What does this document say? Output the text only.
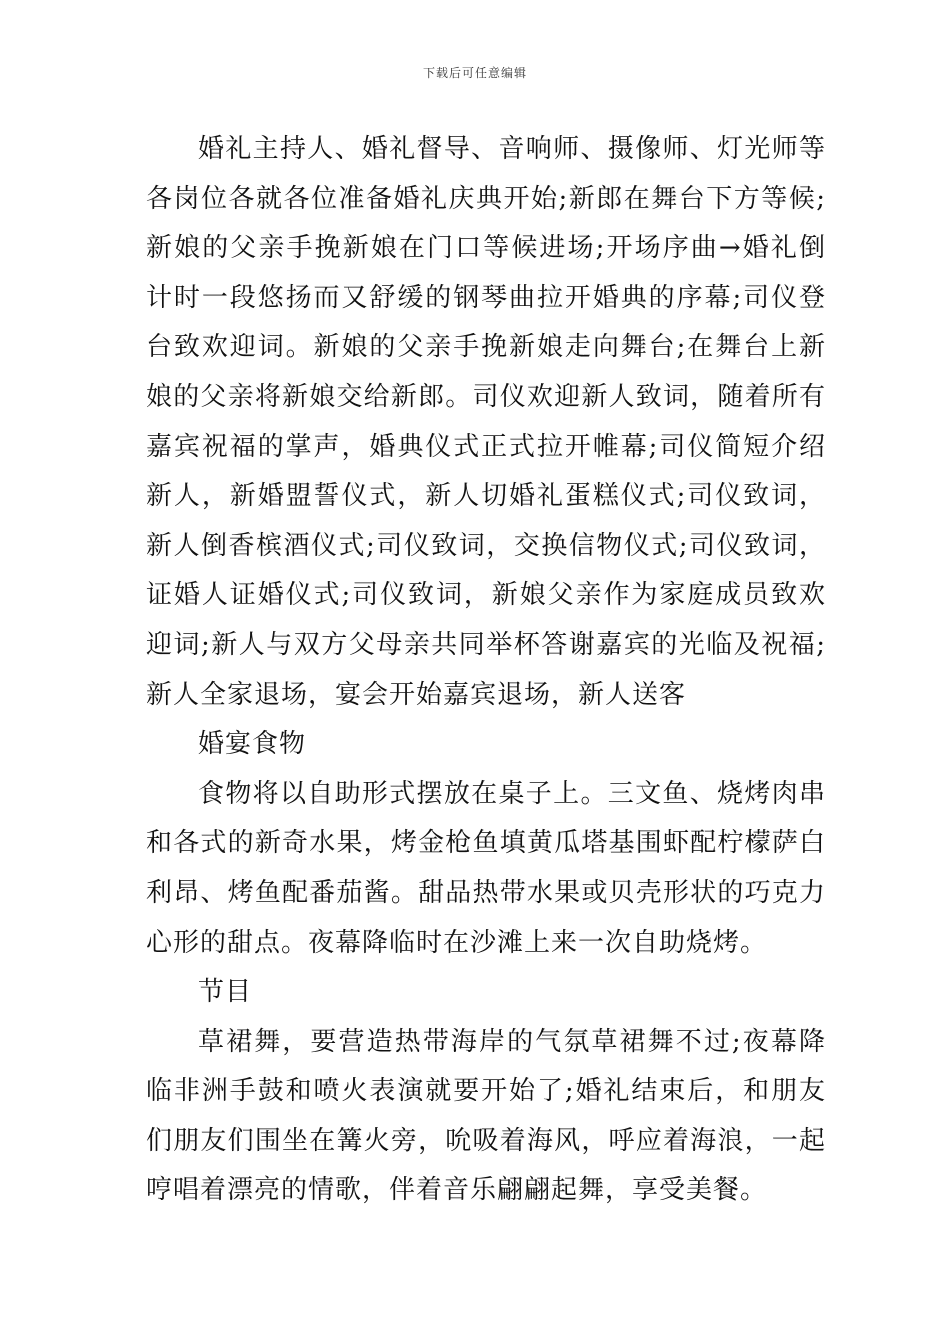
下载后可任意编辑

婚礼主持人、婚礼督导、音响师、摄像师、灯光师等各岗位各就各位准备婚礼庆典开始;新郎在舞台下方等候;新娘的父亲手挽新娘在门口等候进场;开场序曲→婚礼倒计时一段悠扬而又舒缓的钢琴曲拉开婚典的序幕;司仪登台致欢迎词。新娘的父亲手挽新娘走向舞台;在舞台上新娘的父亲将新娘交给新郎。司仪欢迎新人致词，随着所有嘉宾祝福的掌声，婚典仪式正式拉开帷幕;司仪简短介绍新人，新婚盟誓仪式，新人切婚礼蛋糕仪式;司仪致词，新人倒香槟酒仪式;司仪致词，交换信物仪式;司仪致词，证婚人证婚仪式;司仪致词，新娘父亲作为家庭成员致欢迎词;新人与双方父母亲共同举杯答谢嘉宾的光临及祝福;新人全家退场，宴会开始嘉宾退场，新人送客

婚宴食物

食物将以自助形式摆放在桌子上。三文鱼、烧烤肉串和各式的新奇水果，烤金枪鱼填黄瓜塔基围虾配柠檬萨白利昂、烤鱼配番茄酱。甜品热带水果或贝壳形状的巧克力心形的甜点。夜幕降临时在沙滩上来一次自助烧烤。

节目

草裙舞，要营造热带海岸的气氛草裙舞不过;夜幕降临非洲手鼓和喷火表演就要开始了;婚礼结束后，和朋友们朋友们围坐在篝火旁，吮吸着海风，呼应着海浪，一起哼唱着漂亮的情歌，伴着音乐翩翩起舞，享受美餐。
